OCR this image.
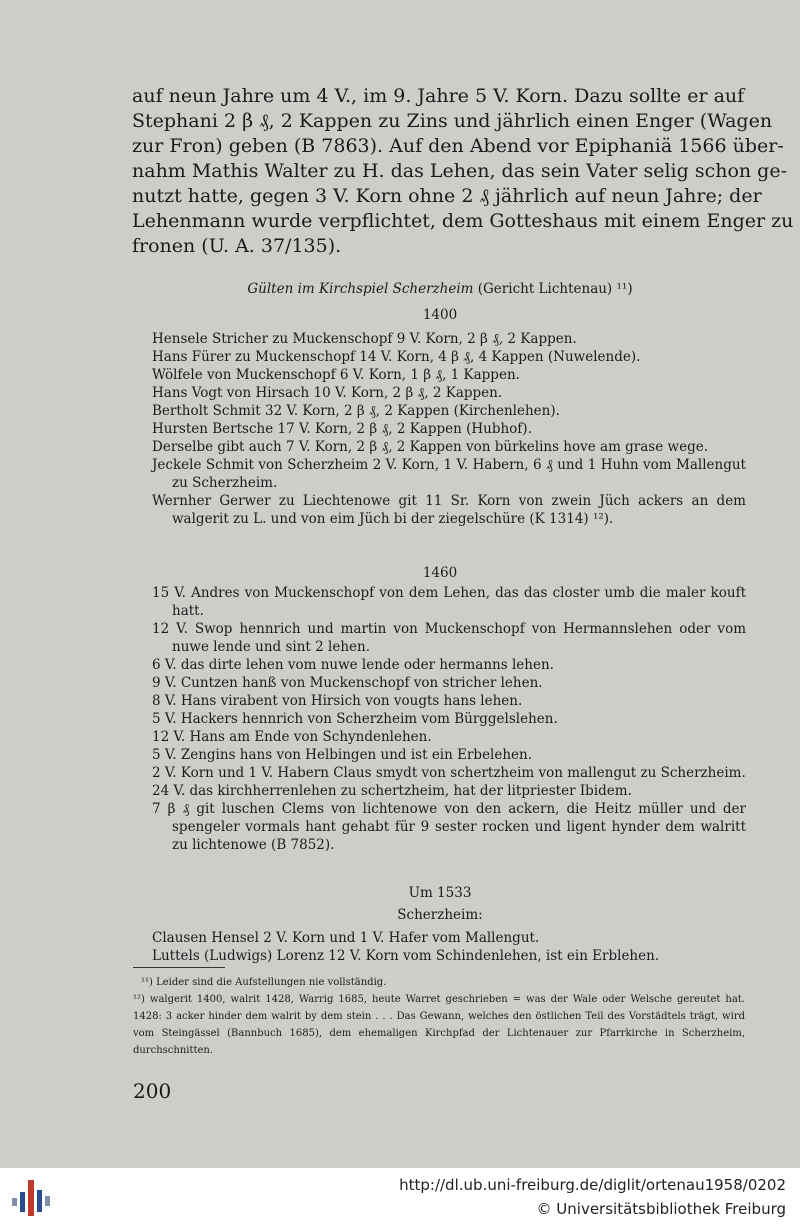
auf neun Jahre um 4 V., im 9. Jahre 5 V. Korn. Dazu sollte er auf
Stephani 2 β ₰, 2 Kappen zu Zins und jährlich einen Enger (Wagen
zur Fron) geben (B 7863). Auf den Abend vor Epiphaniä 1566 über-
nahm Mathis Walter zu H. das Lehen, das sein Vater selig schon ge-
nutzt hatte, gegen 3 V. Korn ohne 2 ₰ jährlich auf neun Jahre; der
Lehenmann wurde verpflichtet, dem Gotteshaus mit einem Enger zu
fronen (U. A. 37/135).
Gülten im Kirchspiel Scherzheim (Gericht Lichtenau) ¹¹)
1400
Hensele Stricher zu Muckenschopf 9 V. Korn, 2 β ₰, 2 Kappen.
Hans Fürer zu Muckenschopf 14 V. Korn, 4 β ₰, 4 Kappen (Nuwelende).
Wölfele von Muckenschopf 6 V. Korn, 1 β ₰, 1 Kappen.
Hans Vogt von Hirsach 10 V. Korn, 2 β ₰, 2 Kappen.
Bertholt Schmit 32 V. Korn, 2 β ₰, 2 Kappen (Kirchenlehen).
Hursten Bertsche 17 V. Korn, 2 β ₰, 2 Kappen (Hubhof).
Derselbe gibt auch 7 V. Korn, 2 β ₰, 2 Kappen von bürkelins hove am grase wege.
Jeckele Schmit von Scherzheim 2 V. Korn, 1 V. Habern, 6 ₰ und 1 Huhn vom Mallengut zu Scherzheim.
Wernher Gerwer zu Liechtenowe git 11 Sr. Korn von zwein Jüch ackers an dem walgerit zu L. und von eim Jüch bi der ziegelschüre (K 1314) ¹²).
1460
15 V. Andres von Muckenschopf von dem Lehen, das das closter umb die maler kouft hatt.
12 V. Swop hennrich und martin von Muckenschopf von Hermannslehen oder vom nuwe lende und sint 2 lehen.
6 V. das dirte lehen vom nuwe lende oder hermanns lehen.
9 V. Cuntzen hanß von Muckenschopf von stricher lehen.
8 V. Hans virabent von Hirsich von vougts hans lehen.
5 V. Hackers hennrich von Scherzheim vom Bürggelslehen.
12 V. Hans am Ende von Schyndenlehen.
5 V. Zengins hans von Helbingen und ist ein Erbelehen.
2 V. Korn und 1 V. Habern Claus smydt von schertzheim von mallengut zu Scherzheim.
24 V. das kirchherrenlehen zu schertzheim, hat der litpriester Ibidem.
7 β ₰ git luschen Clems von lichtenowe von den ackern, die Heitz müller und der spengeler vormals hant gehabt für 9 sester rocken und ligent hynder dem walritt zu lichtenowe (B 7852).
Um 1533
Scherzheim:
Clausen Hensel 2 V. Korn und 1 V. Hafer vom Mallengut.
Luttels (Ludwigs) Lorenz 12 V. Korn vom Schindenlehen, ist ein Erblehen.
¹¹) Leider sind die Aufstellungen nie vollständig.
¹²) walgerit 1400, walrit 1428, Warrig 1685, heute Warret geschrieben = was der Wale oder Welsche gereutet hat. 1428: 3 acker hinder dem walrit by dem stein . . . Das Gewann, welches den östlichen Teil des Vorstädtels trägt, wird vom Steingässel (Bannbuch 1685), dem ehemaligen Kirchpfad der Lichtenauer zur Pfarrkirche in Scherzheim, durchschnitten.
200
http://dl.ub.uni-freiburg.de/diglit/ortenau1958/0202
© Universitätsbibliothek Freiburg
